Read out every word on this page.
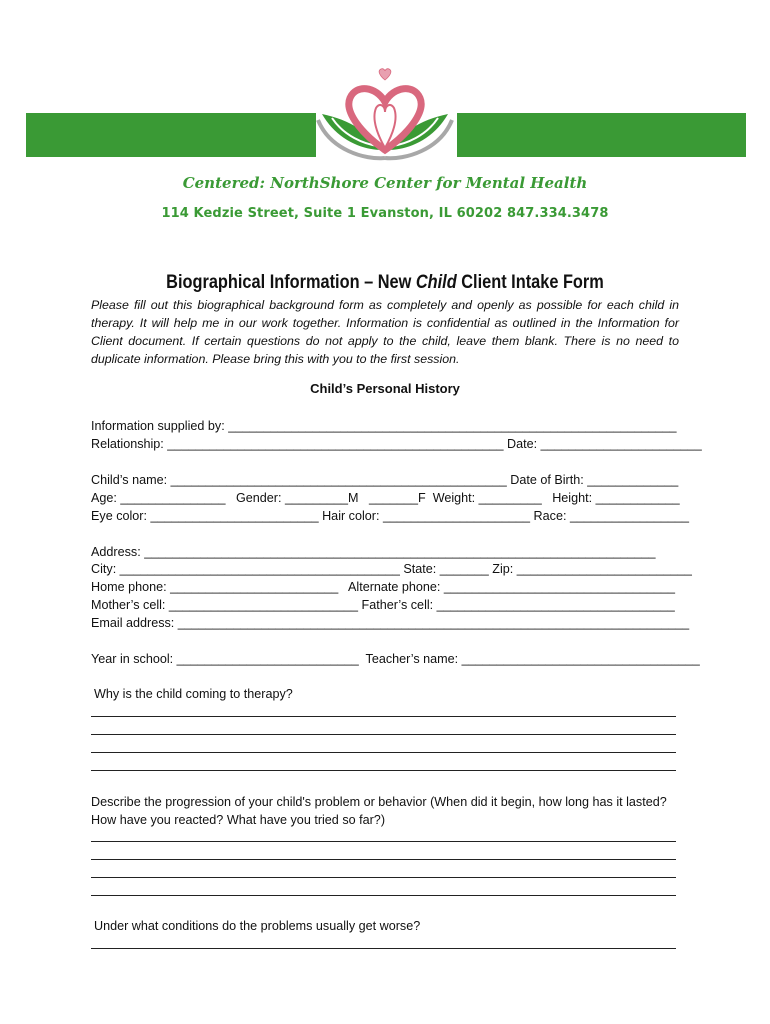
Centered: NorthShore Center for Mental Health
114 Kedzie Street, Suite 1 Evanston, IL 60202 847.334.3478
Biographical Information – New Child Client Intake Form
Please fill out this biographical background form as completely and openly as possible for each child in therapy. It will help me in our work together. Information is confidential as outlined in the Information for Client document. If certain questions do not apply to the child, leave them blank. There is no need to duplicate information. Please bring this with you to the first session.
Child’s Personal History
Information supplied by: ________________________________________________________________
Relationship: ________________________________________________ Date: _______________________
Child’s name: ________________________________________________ Date of Birth: _____________
Age: _______________   Gender: _________M   _______F  Weight: _________   Height: ____________
Eye color: ________________________ Hair color: _____________________ Race: _________________
Address: _________________________________________________________________________
City: ________________________________________ State: _______ Zip: _________________________
Home phone: ________________________   Alternate phone: _________________________________
Mother’s cell: ___________________________ Father’s cell: __________________________________
Email address: _________________________________________________________________________
Year in school: __________________________  Teacher’s name: __________________________________
Why is the child coming to therapy?
Describe the progression of your child's problem or behavior (When did it begin, how long has it lasted? How have you reacted? What have you tried so far?)
Under what conditions do the problems usually get worse?
